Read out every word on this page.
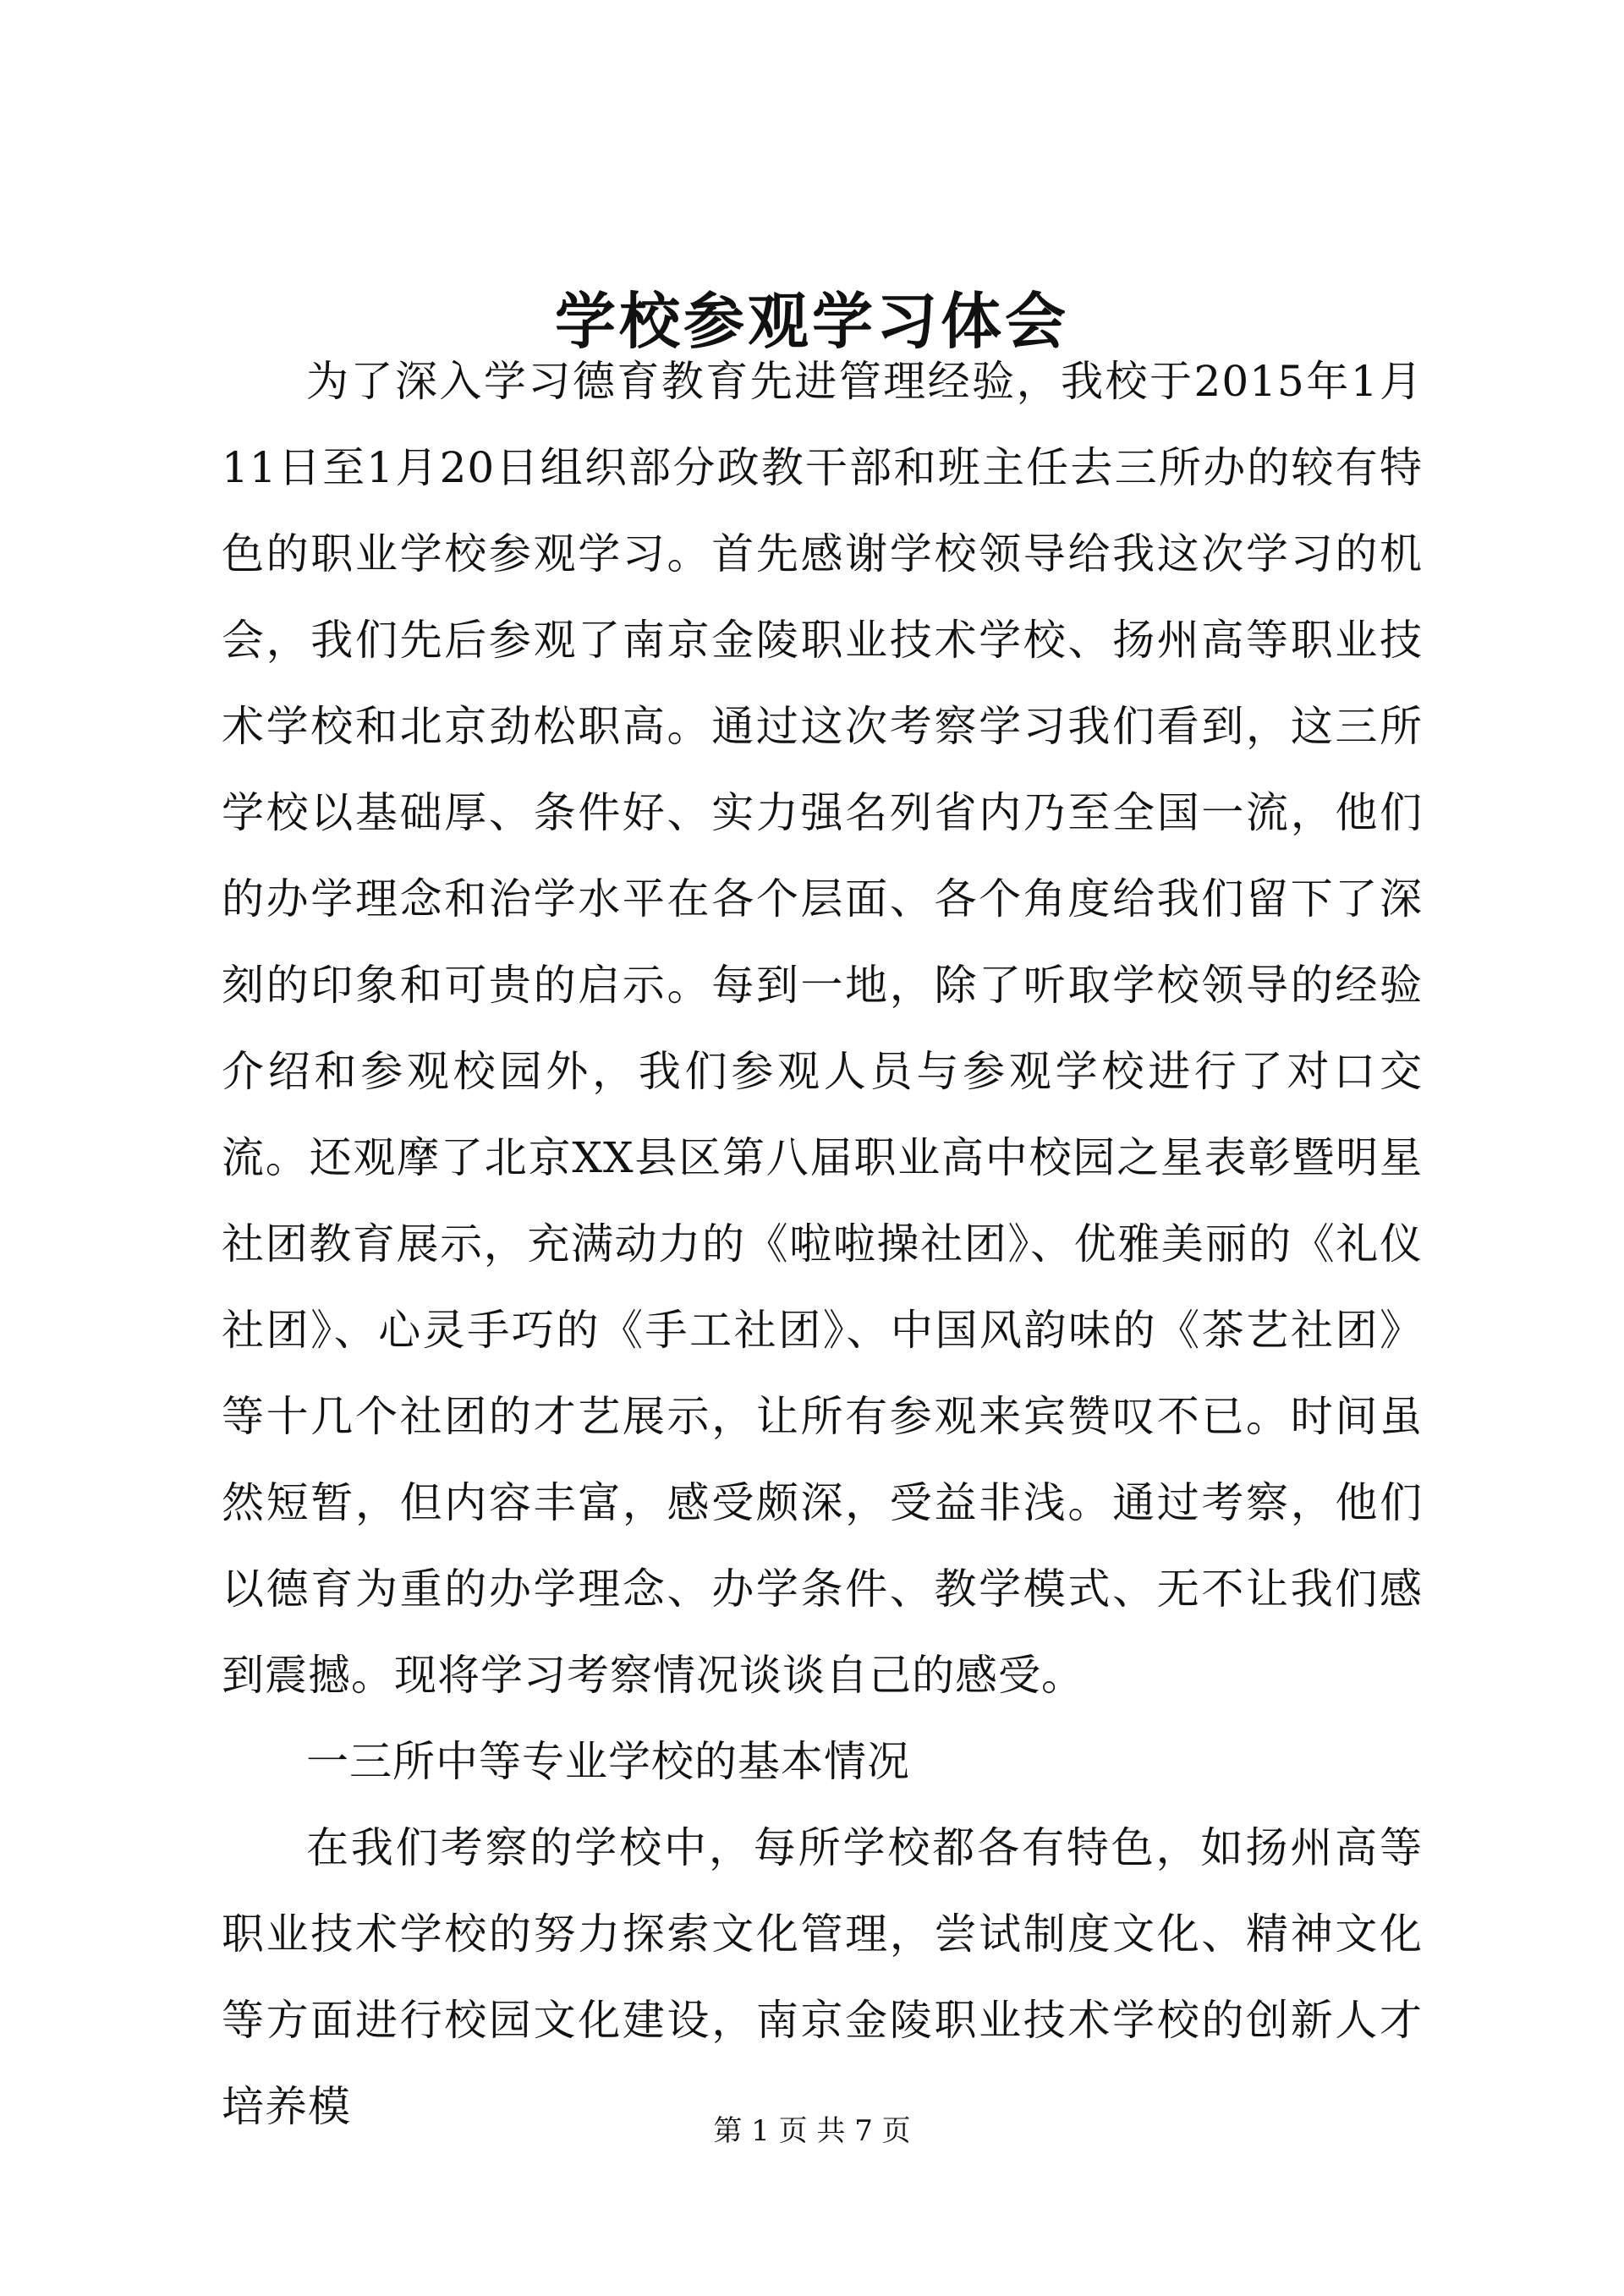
学校参观学习体会

为了深入学习德育教育先进管理经验，我校于2015年1月11日至1月20日组织部分政教干部和班主任去三所办的较有特色的职业学校参观学习。首先感谢学校领导给我这次学习的机会，我们先后参观了南京金陵职业技术学校、扬州高等职业技术学校和北京劲松职高。通过这次考察学习我们看到，这三所学校以基础厚、条件好、实力强名列省内乃至全国一流，他们的办学理念和治学水平在各个层面、各个角度给我们留下了深刻的印象和可贵的启示。每到一地，除了听取学校领导的经验介绍和参观校园外，我们参观人员与参观学校进行了对口交流。还观摩了北京XX县区第八届职业高中校园之星表彰暨明星社团教育展示，充满动力的《啦啦操社团》、优雅美丽的《礼仪社团》、心灵手巧的《手工社团》、中国风韵味的《茶艺社团》等十几个社团的才艺展示，让所有参观来宾赞叹不已。时间虽然短暂，但内容丰富，感受颇深，受益非浅。通过考察，他们以德育为重的办学理念、办学条件、教学模式、无不让我们感到震撼。现将学习考察情况谈谈自己的感受。

一三所中等专业学校的基本情况

在我们考察的学校中，每所学校都各有特色，如扬州高等职业技术学校的努力探索文化管理，尝试制度文化、精神文化等方面进行校园文化建设，南京金陵职业技术学校的创新人才培养模	第 1 页 共 7 页
